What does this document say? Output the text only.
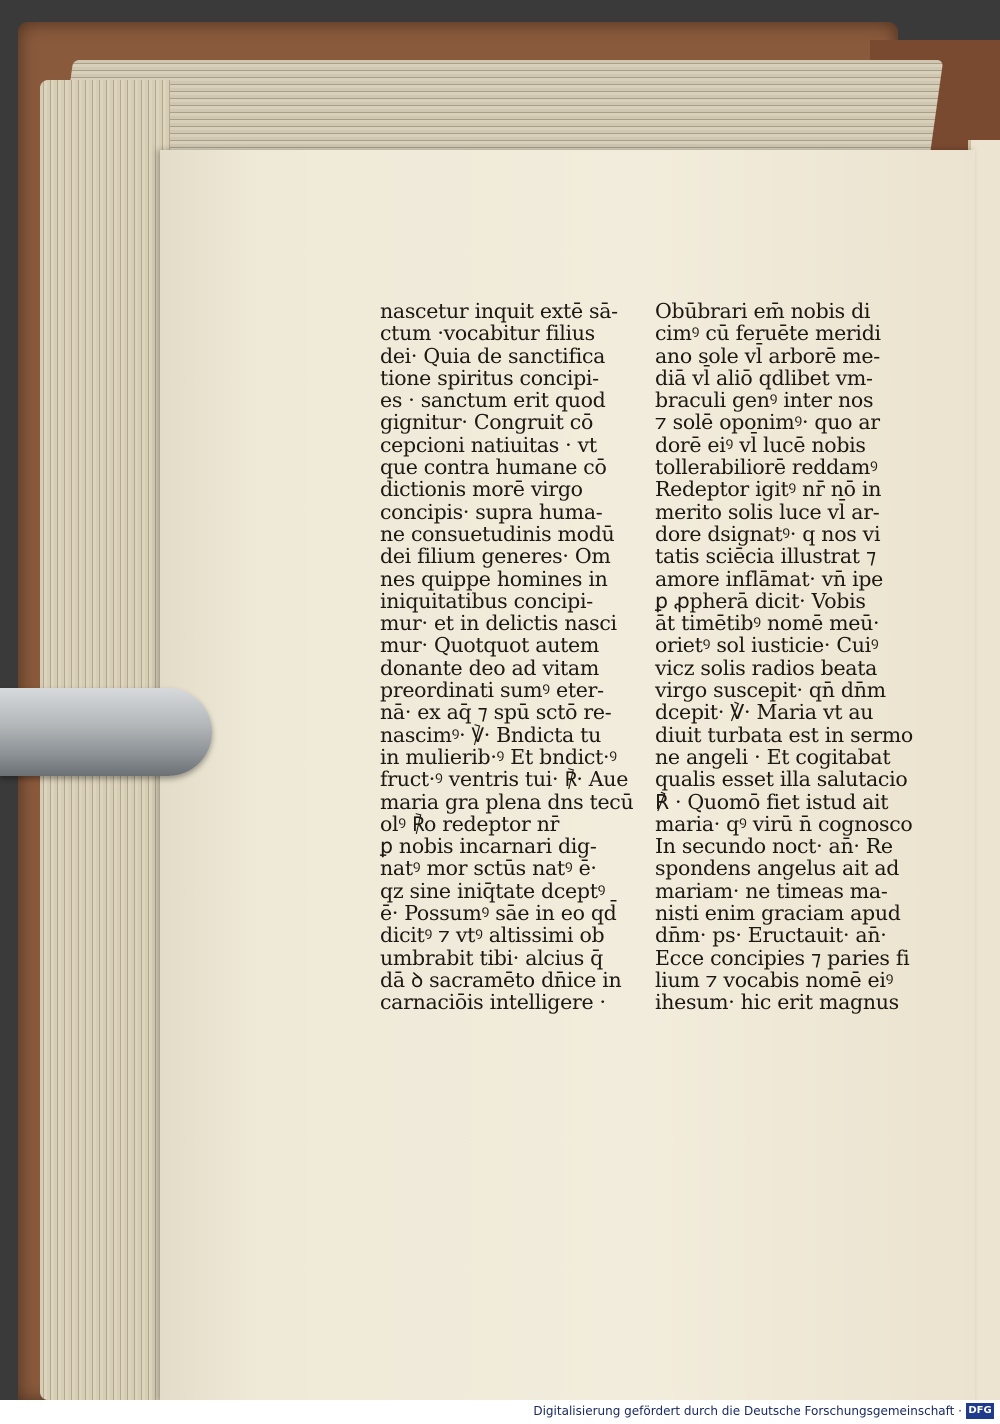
nascetur inquit extē sā-
ctum ·vocabitur filius
dei· Quia de sanctifica
tione spiritus concipi-
es · sanctum erit quod
gignitur· Congruit cō
cepcioni natiuitas · vt
que contra humane cō
dictionis morē virgo
concipis· supra huma-
ne consuetudinis modū
dei filium generes· Om
nes quippe homines in
iniquitatibus concipi-
mur· et in delictis nasci
mur· Quotquot autem
donante deo ad vitam
preordinati sumꝰ eter-
nā· ex aq̄ ⁊ spū sctō re-
nascimꝰ· ℣· Bndicta tu
in mulierib·ꝰ Et bndict·ꝰ
fruct·ꝰ ventris tui· ℟· Aue
maria gra plena dns tecū
olꝰ ℟o redeptor nr̄
ꝑ nobis incarnari dig-
natꝰ mor sctūs natꝰ ē·
qz sine iniq̄tate dceptꝰ
ē· Possumꝰ sāe in eo qd̄
dicitꝰ ⁊ vtꝰ altissimi ob
umbrabit tibi· alcius q̄
dā ꝺ sacramēto dn̄ice in
carnaciōis intelligere ·
Obūbrari em̄ nobis di
cimꝰ cū feruēte meridi
ano sole vl̄ arborē me-
diā vl̄ aliō qdlibet vm-
braculi genꝰ inter nos
⁊ solē oponimꝰ· quo ar
dorē eiꝰ vl̄ lucē nobis
tollerabiliorē reddamꝰ
Redeptor igitꝰ nr̄ nō in
merito solis luce vl̄ ar-
dore dsignatꝰ· q nos vi
tatis sciēcia illustrat ⁊
amore inflāmat· vn̄ ipe
ꝑ ꝓpherā dicit· Vobis
āt timētibꝰ nomē meū·
orietꝰ sol iusticie· Cuiꝰ
vicz solis radios beata
virgo suscepit· qn̄ dn̄m
dcepit· ℣· Maria vt au
diuit turbata est in sermo
ne angeli · Et cogitabat
qualis esset illa salutacio
℟ · Quomō fiet istud ait
maria· qꝰ virū n̄ cognosco
In secundo noct· an̄· Re
spondens angelus ait ad
mariam· ne timeas ma-
nisti enim graciam apud
dn̄m· ps· Eructauit· an̄·
Ecce concipies ⁊ paries fi
lium ⁊ vocabis nomē eiꝰ
ihesum· hic erit magnus
Digitalisierung gefördert durch die Deutsche Forschungsgemeinschaft · DFG
